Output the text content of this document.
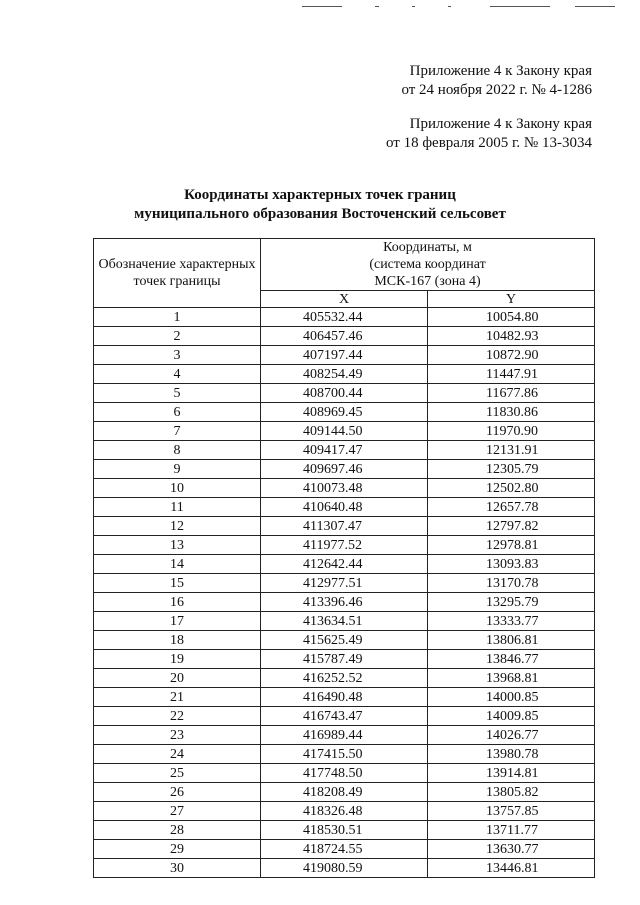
Приложение 4 к Закону края
от 24 ноября 2022 г. № 4-1286
Приложение 4 к Закону края
от 18 февраля 2005 г. № 13-3034
Координаты характерных точек границ
муниципального образования Восточенский сельсовет
Обозначение характерных точек границы	Координаты, м
(система координат
МСК-167 (зона 4)	

	X	Y
1	405532.44	10054.80
2	406457.46	10482.93
3	407197.44	10872.90
4	408254.49	11447.91
5	408700.44	11677.86
6	408969.45	11830.86
7	409144.50	11970.90
8	409417.47	12131.91
9	409697.46	12305.79
10	410073.48	12502.80
11	410640.48	12657.78
12	411307.47	12797.82
13	411977.52	12978.81
14	412642.44	13093.83
15	412977.51	13170.78
16	413396.46	13295.79
17	413634.51	13333.77
18	415625.49	13806.81
19	415787.49	13846.77
20	416252.52	13968.81
21	416490.48	14000.85
22	416743.47	14009.85
23	416989.44	14026.77
24	417415.50	13980.78
25	417748.50	13914.81
26	418208.49	13805.82
27	418326.48	13757.85
28	418530.51	13711.77
29	418724.55	13630.77
30	419080.59	13446.81
